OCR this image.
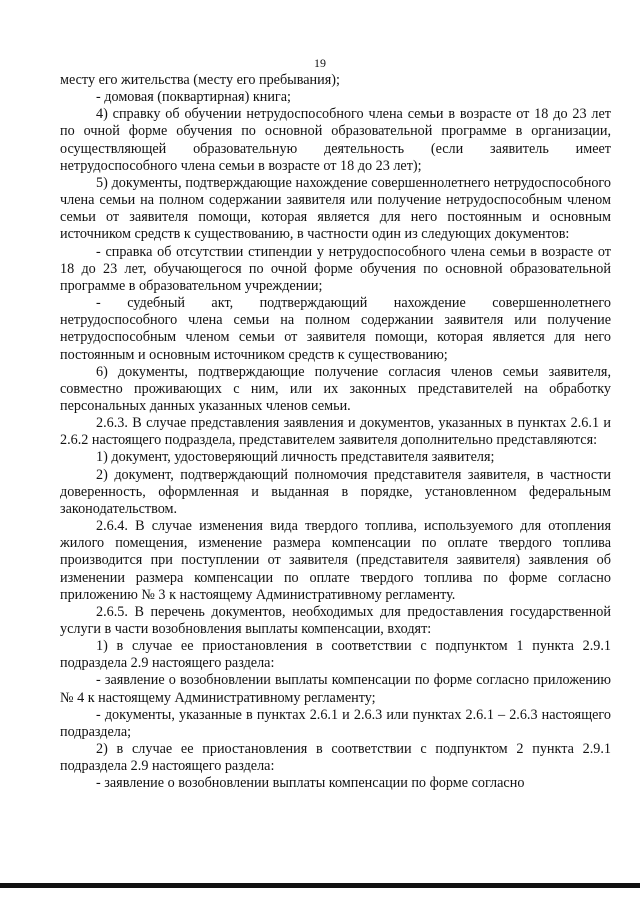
19

месту его жительства (месту его пребывания);

- домовая (поквартирная) книга;

4) справку об обучении нетрудоспособного члена семьи в возрасте от 18 до 23 лет по очной форме обучения по основной образовательной программе в организации, осуществляющей образовательную деятельность (если заявитель имеет нетрудоспособного члена семьи в возрасте от 18 до 23 лет);

5) документы, подтверждающие нахождение совершеннолетнего нетрудоспособного члена семьи на полном содержании заявителя или получение нетрудоспособным членом семьи от заявителя помощи, которая является для него постоянным и основным источником средств к существованию, в частности один из следующих документов:

- справка об отсутствии стипендии у нетрудоспособного члена семьи в возрасте от 18 до 23 лет, обучающегося по очной форме обучения по основной образовательной программе в образовательном учреждении;

- судебный акт, подтверждающий нахождение совершеннолетнего нетрудоспособного члена семьи на полном содержании заявителя или получение нетрудоспособным членом семьи от заявителя помощи, которая является для него постоянным и основным источником средств к существованию;

6) документы, подтверждающие получение согласия членов семьи заявителя, совместно проживающих с ним, или их законных представителей на обработку персональных данных указанных членов семьи.

2.6.3. В случае представления заявления и документов, указанных в пунктах 2.6.1 и 2.6.2 настоящего подраздела, представителем заявителя дополнительно представляются:

1) документ, удостоверяющий личность представителя заявителя;

2) документ, подтверждающий полномочия представителя заявителя, в частности доверенность, оформленная и выданная в порядке, установленном федеральным законодательством.

2.6.4. В случае изменения вида твердого топлива, используемого для отопления жилого помещения, изменение размера компенсации по оплате твердого топлива производится при поступлении от заявителя (представителя заявителя) заявления об изменении размера компенсации по оплате твердого топлива по форме согласно приложению № 3 к настоящему Административному регламенту.

2.6.5. В перечень документов, необходимых для предоставления государственной услуги в части возобновления выплаты компенсации, входят:

1) в случае ее приостановления в соответствии с подпунктом 1 пункта 2.9.1 подраздела 2.9 настоящего раздела:

- заявление о возобновлении выплаты компенсации по форме согласно приложению № 4 к настоящему Административному регламенту;

- документы, указанные в пунктах 2.6.1 и 2.6.3 или пунктах 2.6.1 – 2.6.3 настоящего подраздела;

2) в случае ее приостановления в соответствии с подпунктом 2 пункта 2.9.1 подраздела 2.9 настоящего раздела:

- заявление о возобновлении выплаты компенсации по форме согласно
